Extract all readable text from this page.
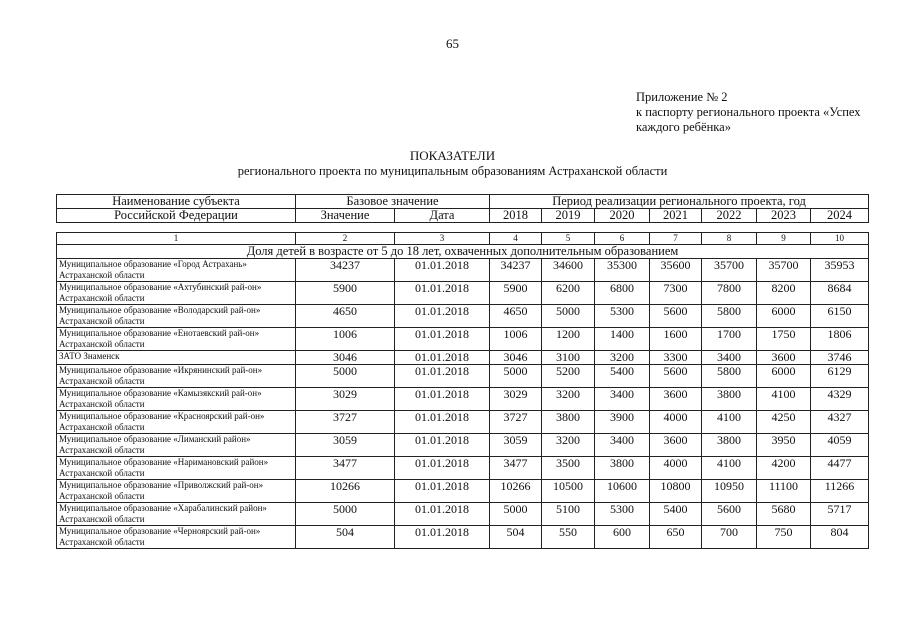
65
Приложение № 2
к паспорту регионального проекта «Успех
каждого ребёнка»
ПОКАЗАТЕЛИ
регионального проекта по муниципальным образованиям Астраханской области
Наименование субъекта	Базовое значение		Период реализации регионального проекта, год						
Российской Федерации	Значение	Дата	2018	2019	2020	2021	2022	2023	2024
1	2	3	4	5	6	7	8	9	10
Доля детей в возрасте от 5 до 18 лет, охваченных дополнительным образованием									
Муниципальное образование «Город Астрахань» Астраханской области	34237	01.01.2018	34237	34600	35300	35600	35700	35700	35953
Муниципальное образование «Ахтубинский рай-он» Астраханской области	5900	01.01.2018	5900	6200	6800	7300	7800	8200	8684
Муниципальное образование «Володарский рай-он» Астраханской области	4650	01.01.2018	4650	5000	5300	5600	5800	6000	6150
Муниципальное образование «Енотаевский рай-он» Астраханской области	1006	01.01.2018	1006	1200	1400	1600	1700	1750	1806
ЗАТО Знаменск	3046	01.01.2018	3046	3100	3200	3300	3400	3600	3746
Муниципальное образование «Икрянинский рай-он» Астраханской области	5000	01.01.2018	5000	5200	5400	5600	5800	6000	6129
Муниципальное образование «Камызякский рай-он» Астраханской области	3029	01.01.2018	3029	3200	3400	3600	3800	4100	4329
Муниципальное образование «Красноярский рай-он» Астраханской области	3727	01.01.2018	3727	3800	3900	4000	4100	4250	4327
Муниципальное образование «Лиманский район» Астраханской области	3059	01.01.2018	3059	3200	3400	3600	3800	3950	4059
Муниципальное образование «Наримановский район» Астраханской области	3477	01.01.2018	3477	3500	3800	4000	4100	4200	4477
Муниципальное образование «Приволжский рай-он» Астраханской области	10266	01.01.2018	10266	10500	10600	10800	10950	11100	11266
Муниципальное образование «Харабалинский район» Астраханской области	5000	01.01.2018	5000	5100	5300	5400	5600	5680	5717
Муниципальное образование «Черноярский рай-он» Астраханской области	504	01.01.2018	504	550	600	650	700	750	804
